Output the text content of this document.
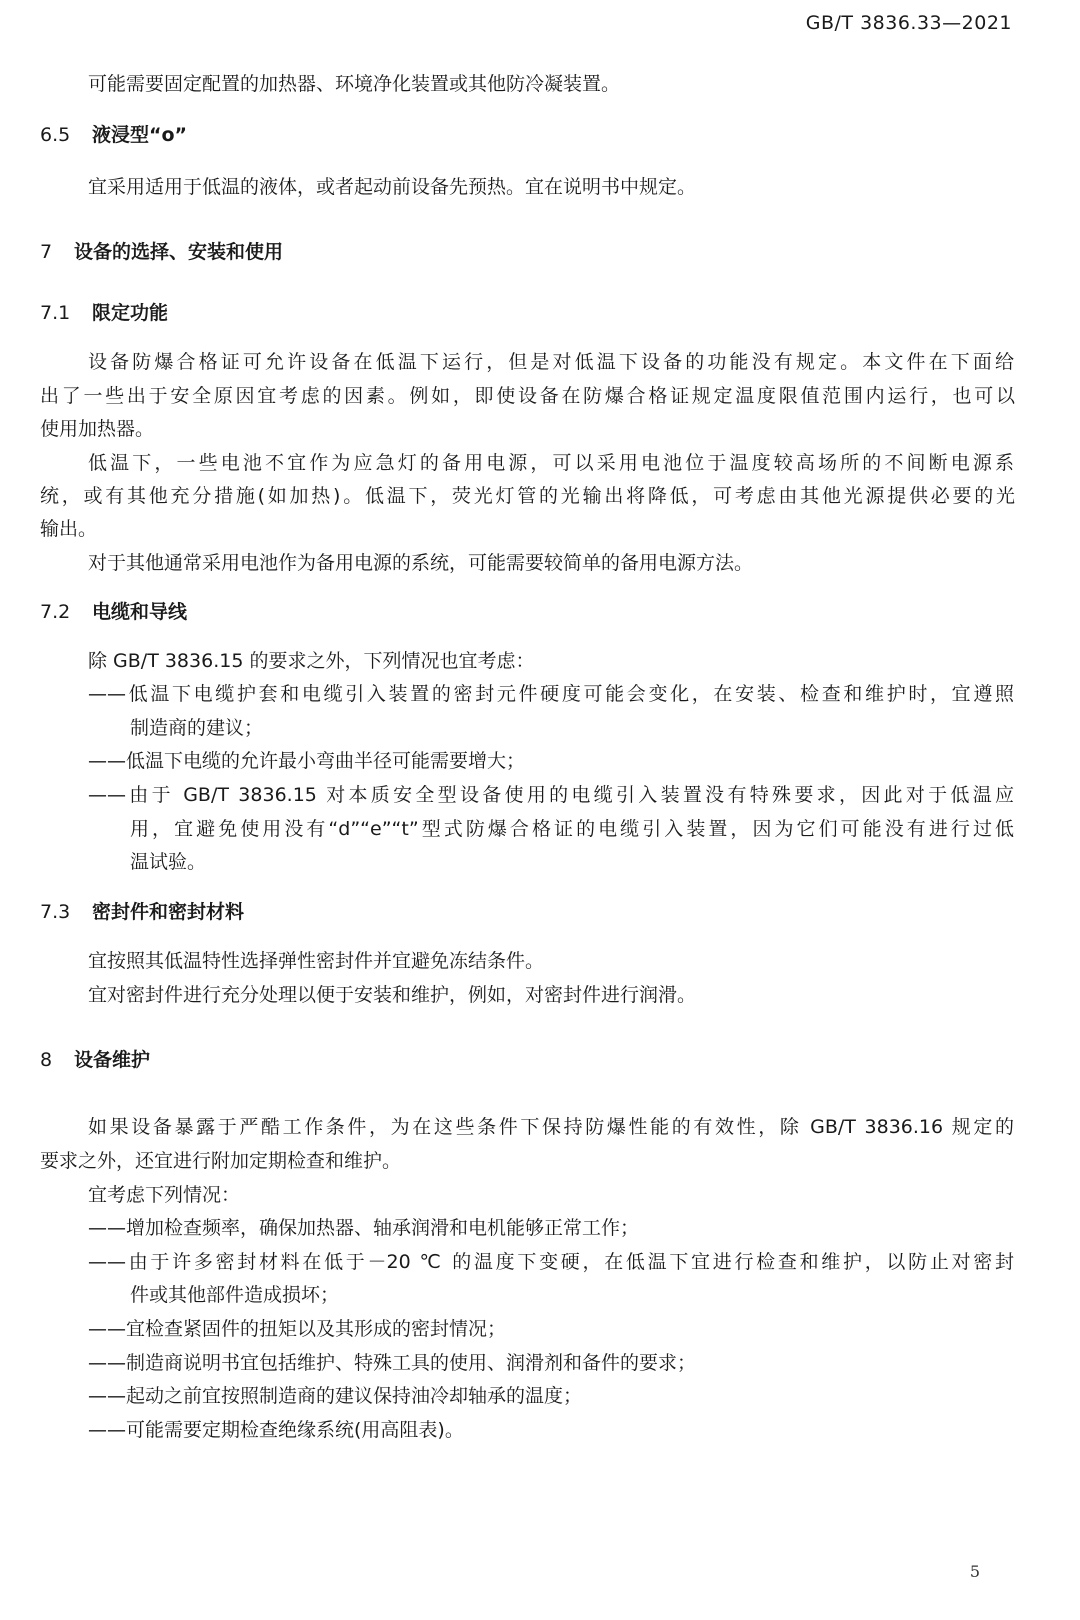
GB/T 3836.33—2021
可能需要固定配置的加热器、环境净化装置或其他防冷凝装置。
6.5 液浸型“o”
宜采用适用于低温的液体，或者起动前设备先预热。宜在说明书中规定。
7 设备的选择、安装和使用
7.1 限定功能
设备防爆合格证可允许设备在低温下运行，但是对低温下设备的功能没有规定。本文件在下面给
出了一些出于安全原因宜考虑的因素。例如，即使设备在防爆合格证规定温度限值范围内运行，也可以
使用加热器。
低温下，一些电池不宜作为应急灯的备用电源，可以采用电池位于温度较高场所的不间断电源系
统，或有其他充分措施(如加热)。低温下，荧光灯管的光输出将降低，可考虑由其他光源提供必要的光
输出。
对于其他通常采用电池作为备用电源的系统，可能需要较简单的备用电源方法。
7.2 电缆和导线
除 GB/T 3836.15 的要求之外，下列情况也宜考虑：
——低温下电缆护套和电缆引入装置的密封元件硬度可能会变化，在安装、检查和维护时，宜遵照
制造商的建议；
——低温下电缆的允许最小弯曲半径可能需要增大；
——由于 GB/T 3836.15 对本质安全型设备使用的电缆引入装置没有特殊要求，因此对于低温应
用，宜避免使用没有“d”“e”“t”型式防爆合格证的电缆引入装置，因为它们可能没有进行过低
温试验。
7.3 密封件和密封材料
宜按照其低温特性选择弹性密封件并宜避免冻结条件。
宜对密封件进行充分处理以便于安装和维护，例如，对密封件进行润滑。
8 设备维护
如果设备暴露于严酷工作条件，为在这些条件下保持防爆性能的有效性，除 GB/T 3836.16 规定的
要求之外，还宜进行附加定期检查和维护。
宜考虑下列情况：
——增加检查频率，确保加热器、轴承润滑和电机能够正常工作；
——由于许多密封材料在低于－20 ℃ 的温度下变硬，在低温下宜进行检查和维护，以防止对密封
件或其他部件造成损坏；
——宜检查紧固件的扭矩以及其形成的密封情况；
——制造商说明书宜包括维护、特殊工具的使用、润滑剂和备件的要求；
——起动之前宜按照制造商的建议保持油冷却轴承的温度；
——可能需要定期检查绝缘系统(用高阻表)。
5
